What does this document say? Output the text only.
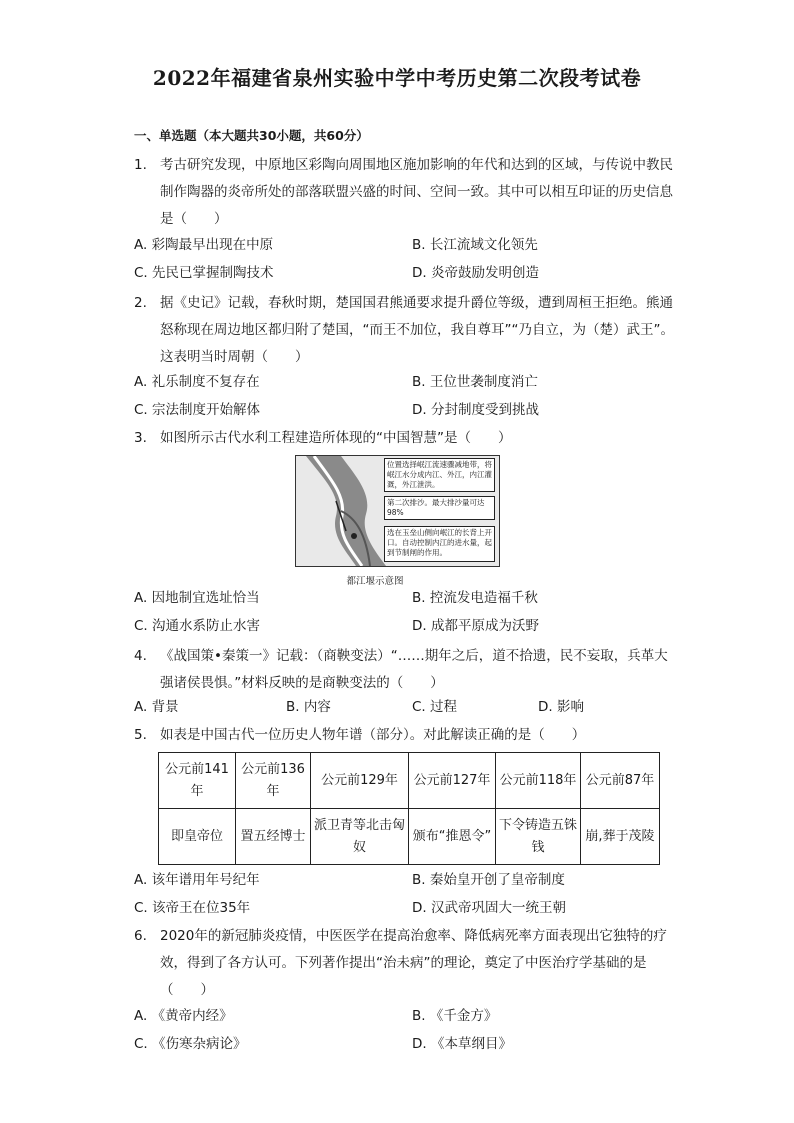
2022年福建省泉州实验中学中考历史第二次段考试卷
一、单选题（本大题共30小题，共60分）
1. 考古研究发现，中原地区彩陶向周围地区施加影响的年代和达到的区域，与传说中教民制作陶器的炎帝所处的部落联盟兴盛的时间、空间一致。其中可以相互印证的历史信息是（　　）
A. 彩陶最早出现在中原	B. 长江流域文化领先
C. 先民已掌握制陶技术	D. 炎帝鼓励发明创造
2. 据《史记》记载，春秋时期，楚国国君熊通要求提升爵位等级，遭到周桓王拒绝。熊通怒称现在周边地区都归附了楚国，“而王不加位，我自尊耳”“乃自立，为（楚）武王”。这表明当时周朝（　　）
A. 礼乐制度不复存在	B. 王位世袭制度消亡
C. 宗法制度开始解体	D. 分封制度受到挑战
3. 如图所示古代水利工程建造所体现的“中国智慧”是（　　）
位置选择岷江流速骤减地带，将岷江水分成内江、外江，内江灌溉，外江泄洪。
第二次排沙。最大排沙量可达98%
选在玉垒山侧向岷江的长背上开口。自动控制内江的进水量，起到节制闸的作用。
都江堰示意图
A. 因地制宜选址恰当	B. 控流发电造福千秋
C. 沟通水系防止水害	D. 成都平原成为沃野
4. 《战国策•秦策一》记载：（商鞅变法）“……期年之后，道不拾遗，民不妄取，兵革大强诸侯畏惧。”材料反映的是商鞅变法的（　　）
A. 背景	B. 内容	C. 过程	D. 影响
5. 如表是中国古代一位历史人物年谱（部分）。对此解读正确的是（　　）
公元前141年	公元前136年	公元前129年	公元前127年	公元前118年	公元前87年
即皇帝位	置五经博士	派卫青等北击匈奴	颁布“推恩令”	下令铸造五铢钱	崩,葬于茂陵
A. 该年谱用年号纪年	B. 秦始皇开创了皇帝制度
C. 该帝王在位35年	D. 汉武帝巩固大一统王朝
6. 2020年的新冠肺炎疫情，中医医学在提高治愈率、降低病死率方面表现出它独特的疗效，得到了各方认可。下列著作提出“治未病”的理论，奠定了中医治疗学基础的是（　　）
A. 《黄帝内经》	B. 《千金方》
C. 《伤寒杂病论》	D. 《本草纲目》
